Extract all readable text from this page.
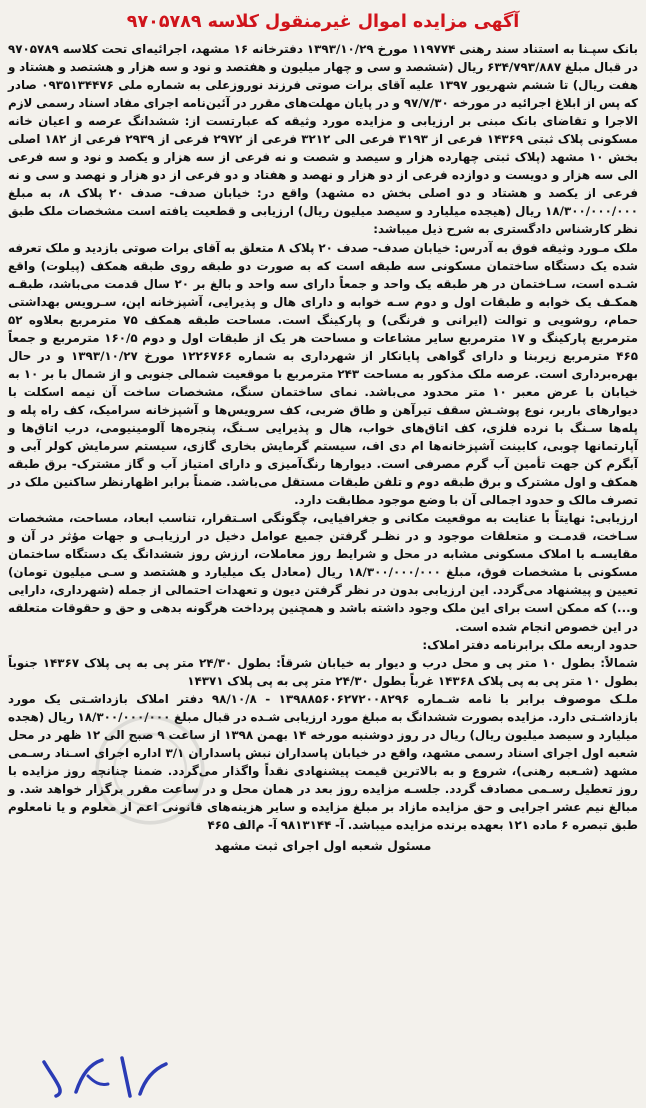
آگهی مزایده اموال غیرمنقول کلاسه ۹۷۰۵۷۸۹

بانک سپـنا به استناد سند رهنی ۱۱۹۷۷۴ مورخ ۱۳۹۳/۱۰/۲۹ دفترخانه ۱۶ مشهد، اجرائیه‌ای تحت کلاسه ۹۷۰۵۷۸۹ در قبال مبلغ ۶۳۴/۷۹۳/۸۸۷ ریال (ششصد و سی و چهار میلیون و هفتصد و نود و سه هزار و هشتصد و هشتاد و هفت ریال) تا ششم شهریور ۱۳۹۷ علیه آقای برات صوتی فرزند نوروزعلی به شماره ملی ۰۹۳۵۱۳۴۴۷۶ صادر که پس از ابلاغ اجرائیه در مورخه ۹۷/۷/۳۰ و در پایان مهلت‌های مقرر در آئین‌نامه اجرای مفاد اسناد رسمی لازم الاجرا و تقاضای بانک مبنی بر ارزیابی و مزایده مورد وثیقه که عبارتست از: ششدانگ عرصه و اعیان خانه مسکونی پلاک ثبتی ۱۴۳۶۹ فرعی از ۳۱۹۳ فرعی الی ۳۲۱۲ فرعی از ۲۹۷۲ فرعی از ۲۹۳۹ فرعی از ۱۸۲ اصلی بخش ۱۰ مشهد (پلاک ثبتی چهارده هزار و سیصد و شصت و نه فرعی از سه هزار و یکصد و نود و سه فرعی الی سه هزار و دویست و دوازده فرعی از دو هزار و نهصد و هفتاد و دو فرعی از دو هزار و نهصد و سی و نه فرعی از یکصد و هشتاد و دو اصلی بخش ده مشهد) واقع در: خیابان صدف- صدف ۲۰ پلاک ۸، به مبلغ ۱۸/۳۰۰/۰۰۰/۰۰۰ ریال (هیجده میلیارد و سیصد میلیون ریال) ارزیابی و قطعیت یافته است مشخصات ملک طبق نظر کارشناس دادگستری به شرح ذیل میباشد:

ملک مـورد وثیقه فوق به آدرس: خیابان صدف- صدف ۲۰ پلاک ۸ متعلق به آقای برات صوتی بازدید و ملک تعرفه شده یک دستگاه ساختمان مسکونی سه طبقه است که به صورت دو طبقه روی طبقه همکف (پیلوت) واقع شـده است، سـاختمان در هر طبقه یک واحد و جمعاً دارای سه واحد و بالغ بر ۲۰ سال قدمت می‌باشد، طبقـه همکـف یک خوابه و طبقات اول و دوم سـه خوابه و دارای هال و پذیرایی، آشپزخانه اپن، سـرویس بهداشتی حمام، روشویی و توالت (ایرانی و فرنگی) و پارکینگ است. مساحت طبقه همکف ۷۵ مترمربع بعلاوه ۵۲ مترمربع پارکینگ و ۱۷ مترمربع سایر مشاعات و مساحت هر یک از طبقات اول و دوم ۱۶۰/۵ مترمربع و جمعاً ۴۶۵ مترمربع زیربنا و دارای گواهی پایانکار از شهرداری به شماره ۱۲۲۶۷۶۶ مورخ ۱۳۹۳/۱۰/۲۷ و در حال بهره‌برداری است. عرصه ملک مذکور به مساحت ۲۴۳ مترمربع با موقعیت شمالی جنوبی و از شمال با بر ۱۰ به خیابان با عرض معبر ۱۰ متر محدود می‌باشد. نمای ساختمان سنگ، مشخصات ساخت آن نیمه اسکلت با دیوارهای باربر، نوع پوشـش سقف تیرآهن و طاق ضربی، کف سرویس‌ها و آشپزخانه سرامیک، کف راه پله و پله‌ها سـنگ با نرده فلزی، کف اتاق‌های خواب، هال و پذیرایی سـنگ، پنجره‌ها آلومینیومی، درب اتاق‌ها و آپارتمانها چوبی، کابینت آشپزخانه‌ها ام دی اف، سیستم گرمایش بخاری گازی، سیستم سرمایش کولر آبی و آبگرم کن جهت تأمین آب گرم مصرفی است. دیوارها رنگ‌آمیزی و دارای امتیاز آب و گاز مشترک- برق طبقه همکف و اول مشترک و برق طبقه دوم و تلفن طبقات مستقل می‌باشد. ضمناً برابر اظهارنظر ساکنین ملک در تصرف مالک و حدود اجمالی آن با وضع موجود مطابقت دارد.

ارزیابی: نهایتاً با عنایت به موقعیت مکانی و جغرافیایی، چگونگی اسـتقرار، تناسب ابعاد، مساحت، مشخصات سـاخت، قدمـت و متعلقات موجود و در نظـر گرفتن جمیع عوامل دخیل در ارزیابـی و جهات مؤثر در آن و مقایسـه با املاک مسکونی مشابه در محل و شرایط روز معاملات، ارزش روز ششدانگ یک دستگاه ساختمان مسکونی با مشخصات فوق، مبلغ ۱۸/۳۰۰/۰۰۰/۰۰۰ ریال (معادل یک میلیارد و هشتصد و سـی میلیون تومان) تعیین و پیشنهاد می‌گردد. این ارزیابی بدون در نظر گرفتن دیون و تعهدات احتمالی از جمله (شهرداری، دارایی و...) که ممکن است برای این ملک وجود داشته باشد و همچنین پرداخت هرگونه بدهی و حق و حقوقات متعلقه در این خصوص انجام شده است.

حدود اربعه ملک برابرنامه دفتر املاک:

شمالاً: بطول ۱۰ متر پی و محل درب و دیوار به خیابان شرقاً: بطول ۲۴/۳۰ متر پی به پی پلاک ۱۴۳۶۷ جنوباً بطول ۱۰ متر پی به پی پلاک ۱۴۳۶۸ غرباً بطول ۲۴/۳۰ متر پی به پی پلاک ۱۴۳۷۱

ملـک موصوف برابر با نامه شـماره ۱۳۹۸۸۵۶۰۶۲۷۲۰۰۸۲۹۶ - ۹۸/۱۰/۸ دفتر املاک بازداشـتی یک مورد بازداشـتی دارد. مزایده بصورت ششدانگ به مبلغ مورد ارزیابی شـده در قبال مبلغ ۱۸/۳۰۰/۰۰۰/۰۰۰ ریال (هجده میلیارد و سیصد میلیون ریال) ریال در روز دوشنبه مورخه ۱۴ بهمن ۱۳۹۸ از ساعت ۹ صبح الی ۱۲ ظهر در محل شعبه اول اجرای اسناد رسمی مشهد، واقع در خیابان پاسداران نبش پاسداران ۳/۱ اداره اجرای اسـناد رسـمی مشهد (شـعبه رهنی)، شروع و به بالاترین قیمت پیشنهادی نقداً واگذار می‌گردد. ضمنا چنانچه روز مزایده با روز تعطیل رسـمی مصادف گردد. جلسـه مزایده روز بعد در همان محل و در ساعت مقرر برگزار خواهد شد. و مبالغ نیم عشر اجرایی و حق مزایده مازاد بر مبلغ مزایده و سایر هزینه‌های قانونی اعم از معلوم و یا نامعلوم طبق تبصره ۶ ماده ۱۲۱ بعهده برنده مزایده میباشد. آ- ۹۸۱۳۱۴۴ آ- م‌الف ۴۶۵

مسئول شعبه اول اجرای ثبت مشهد
